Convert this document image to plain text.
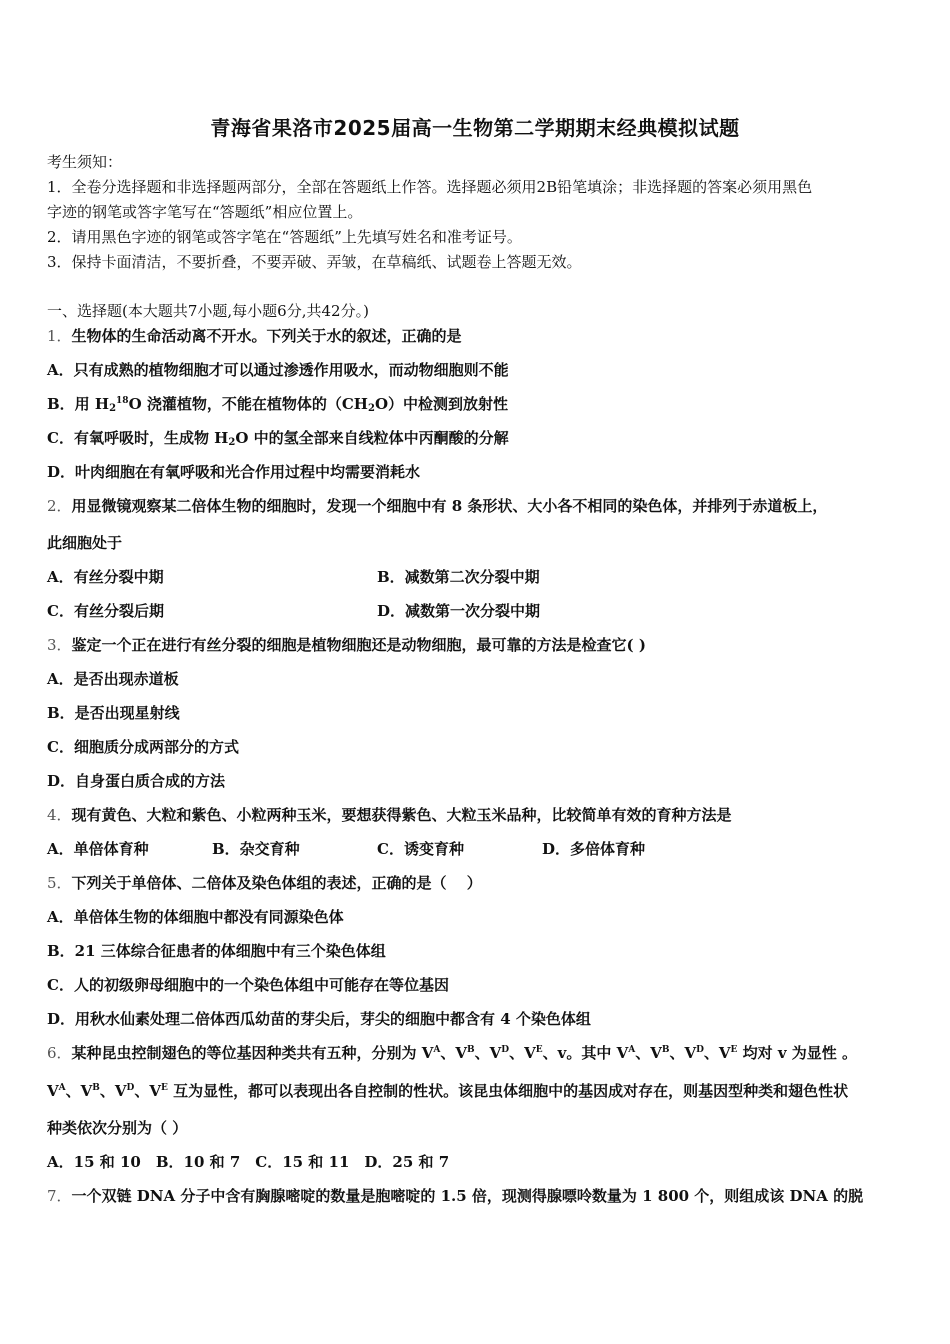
青海省果洛市2025届高一生物第二学期期末经典模拟试题
考生须知：
1．全卷分选择题和非选择题两部分，全部在答题纸上作答。选择题必须用2B铅笔填涂；非选择题的答案必须用黑色
字迹的钢笔或答字笔写在“答题纸”相应位置上。
2．请用黑色字迹的钢笔或答字笔在“答题纸”上先填写姓名和准考证号。
3．保持卡面清洁，不要折叠，不要弄破、弄皱，在草稿纸、试题卷上答题无效。
一、选择题(本大题共7小题,每小题6分,共42分。)
1．生物体的生命活动离不开水。下列关于水的叙述，正确的是
A．只有成熟的植物细胞才可以通过渗透作用吸水，而动物细胞则不能
B．用 $H_2^{18}O$ 浇灌植物，不能在植物体的$(CH_2O)$中检测到放射性
C．有氧呼吸时，生成物 $H_2O$ 中的氢全部来自线粒体中丙酮酸的分解
D．叶肉细胞在有氧呼吸和光合作用过程中均需要消耗水
2．用显微镜观察某二倍体生物的细胞时，发现一个细胞中有 8 条形状、大小各不相同的染色体，并排列于赤道板上，
此细胞处于
A．有丝分裂中期	B．减数第二次分裂中期
C．有丝分裂后期	D．减数第一次分裂中期
3．鉴定一个正在进行有丝分裂的细胞是植物细胞还是动物细胞，最可靠的方法是检查它( )
A．是否出现赤道板
B．是否出现星射线
C．细胞质分成两部分的方式
D．自身蛋白质合成的方法
4．现有黄色、大粒和紫色、小粒两种玉米，要想获得紫色、大粒玉米品种，比较简单有效的育种方法是
A．单倍体育种	B．杂交育种	C．诱变育种	D．多倍体育种
5．下列关于单倍体、二倍体及染色体组的表述，正确的是（　 ）
A．单倍体生物的体细胞中都没有同源染色体
B．21 三体综合征患者的体细胞中有三个染色体组
C．人的初级卵母细胞中的一个染色体组中可能存在等位基因
D．用秋水仙素处理二倍体西瓜幼苗的芽尖后，芽尖的细胞中都含有 4 个染色体组
6．某种昆虫控制翅色的等位基因种类共有五种，分别为 $V^A$、$V^B$、$V^D$、$V^E$、v。其中 $V^A$、$V^B$、$V^D$、$V^E$ 均对 v 为显性 。
$V^A$、$V^B$、$V^D$、$V^E$ 互为显性，都可以表现出各自控制的性状。该昆虫体细胞中的基因成对存在，则基因型种类和翅色性状
种类依次分别为（ ）
A．15 和 10　B．10 和 7　C．15 和 11　D．25 和 7
7．一个双链 DNA 分子中含有胸腺嘧啶的数量是胞嘧啶的 1.5 倍，现测得腺嘌呤数量为 1 800 个，则组成该 DNA 的脱
